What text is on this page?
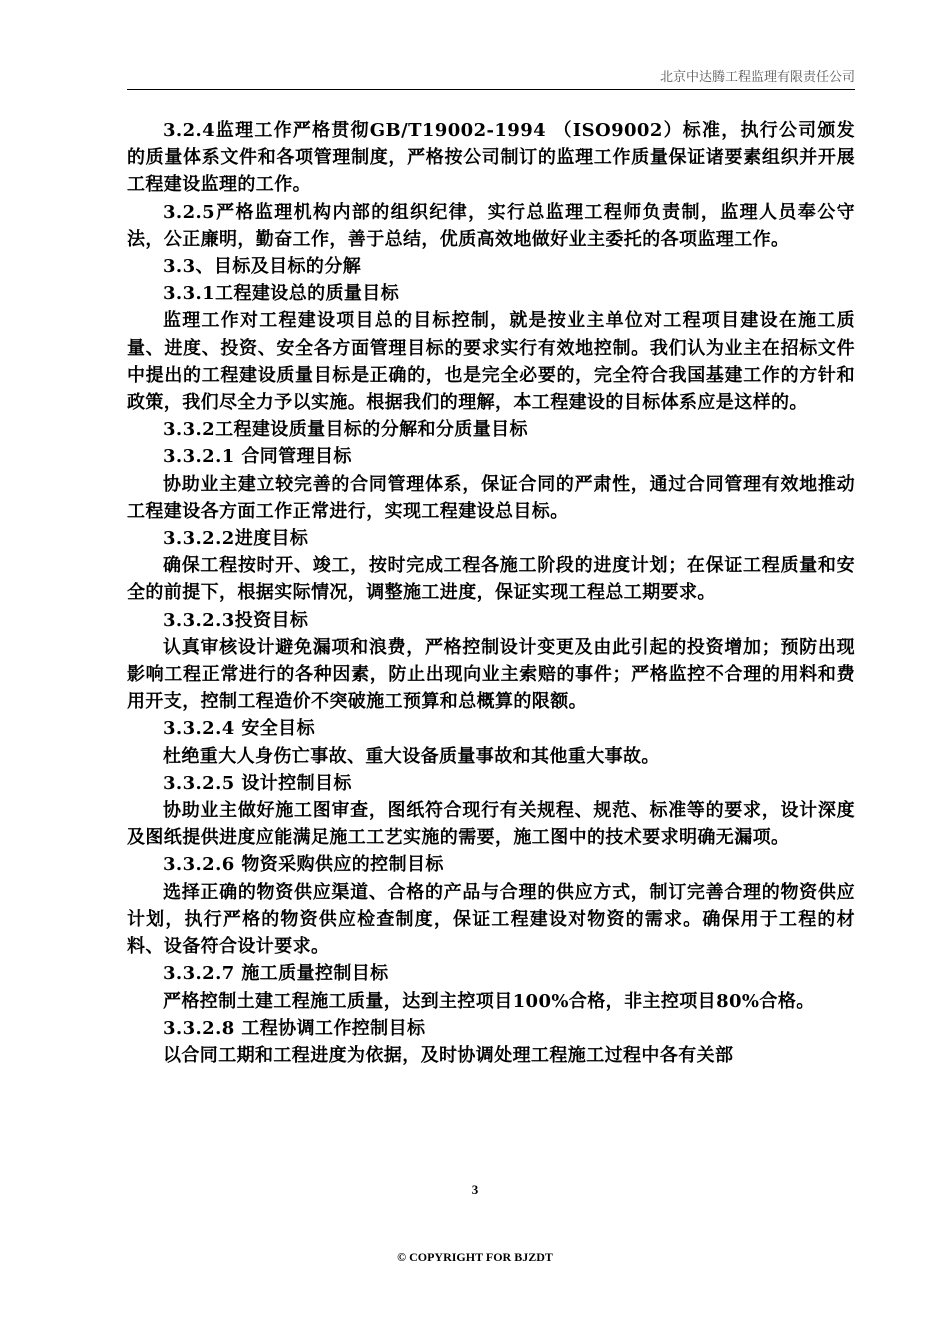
北京中达腾工程监理有限责任公司

3.2.4监理工作严格贯彻GB/T19002-1994 （ISO9002）标准，执行公司颁发的质量体系文件和各项管理制度，严格按公司制订的监理工作质量保证诸要素组织并开展工程建设监理的工作。

3.2.5严格监理机构内部的组织纪律，实行总监理工程师负责制，监理人员奉公守法，公正廉明，勤奋工作，善于总结，优质高效地做好业主委托的各项监理工作。

3.3、目标及目标的分解

3.3.1工程建设总的质量目标

监理工作对工程建设项目总的目标控制，就是按业主单位对工程项目建设在施工质量、进度、投资、安全各方面管理目标的要求实行有效地控制。我们认为业主在招标文件中提出的工程建设质量目标是正确的，也是完全必要的，完全符合我国基建工作的方针和政策，我们尽全力予以实施。根据我们的理解，本工程建设的目标体系应是这样的。

3.3.2工程建设质量目标的分解和分质量目标

3.3.2.1 合同管理目标

协助业主建立较完善的合同管理体系，保证合同的严肃性，通过合同管理有效地推动工程建设各方面工作正常进行，实现工程建设总目标。

3.3.2.2进度目标

确保工程按时开、竣工，按时完成工程各施工阶段的进度计划；在保证工程质量和安全的前提下，根据实际情况，调整施工进度，保证实现工程总工期要求。

3.3.2.3投资目标

认真审核设计避免漏项和浪费，严格控制设计变更及由此引起的投资增加；预防出现影响工程正常进行的各种因素，防止出现向业主索赔的事件；严格监控不合理的用料和费用开支，控制工程造价不突破施工预算和总概算的限额。

3.3.2.4 安全目标

杜绝重大人身伤亡事故、重大设备质量事故和其他重大事故。

3.3.2.5 设计控制目标

协助业主做好施工图审查，图纸符合现行有关规程、规范、标准等的要求，设计深度及图纸提供进度应能满足施工工艺实施的需要，施工图中的技术要求明确无漏项。

3.3.2.6 物资采购供应的控制目标

选择正确的物资供应渠道、合格的产品与合理的供应方式，制订完善合理的物资供应计划，执行严格的物资供应检查制度，保证工程建设对物资的需求。确保用于工程的材料、设备符合设计要求。

3.3.2.7 施工质量控制目标

严格控制土建工程施工质量，达到主控项目100%合格，非主控项目80%合格。

3.3.2.8 工程协调工作控制目标

以合同工期和工程进度为依据，及时协调处理工程施工过程中各有关部

3
© COPYRIGHT FOR BJZDT
